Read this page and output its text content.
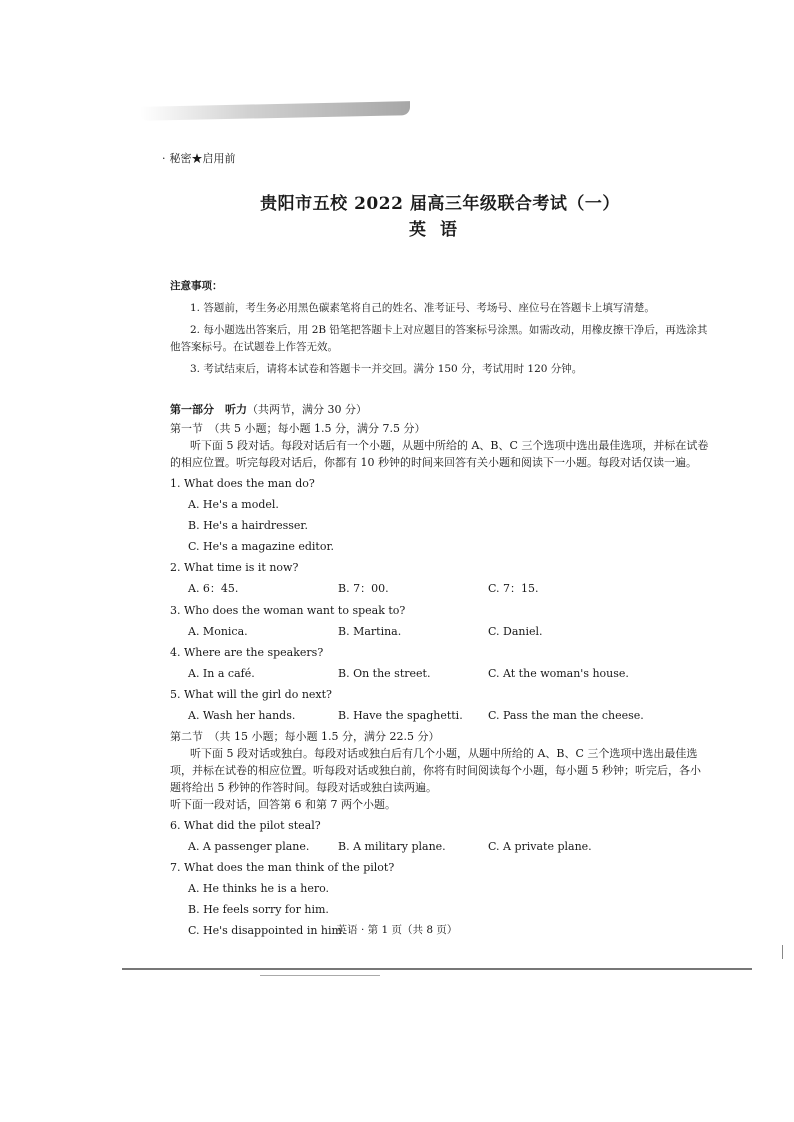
· 秘密★启用前
贵阳市五校 2022 届高三年级联合考试（一）
英语
注意事项：
1. 答题前，考生务必用黑色碳素笔将自己的姓名、准考证号、考场号、座位号在答题卡上填写清楚。
2. 每小题选出答案后，用 2B 铅笔把答题卡上对应题目的答案标号涂黑。如需改动，用橡皮擦干净后，再选涂其他答案标号。在试题卷上作答无效。
3. 考试结束后，请将本试卷和答题卡一并交回。满分 150 分，考试用时 120 分钟。
第一部分　听力（共两节，满分 30 分）
第一节　（共 5 小题；每小题 1.5 分，满分 7.5 分）
听下面 5 段对话。每段对话后有一个小题，从题中所给的 A、B、C 三个选项中选出最佳选项，并标在试卷的相应位置。听完每段对话后，你都有 10 秒钟的时间来回答有关小题和阅读下一小题。每段对话仅读一遍。
1. What does the man do?
A. He's a model.
B. He's a hairdresser.
C. He's a magazine editor.
2. What time is it now?
A. 6：45.	B. 7：00.	C. 7：15.
3. Who does the woman want to speak to?
A. Monica.	B. Martina.	C. Daniel.
4. Where are the speakers?
A. In a café.	B. On the street.	C. At the woman's house.
5. What will the girl do next?
A. Wash her hands.	B. Have the spaghetti.	C. Pass the man the cheese.
第二节　（共 15 小题；每小题 1.5 分，满分 22.5 分）
听下面 5 段对话或独白。每段对话或独白后有几个小题，从题中所给的 A、B、C 三个选项中选出最佳选项，并标在试卷的相应位置。听每段对话或独白前，你将有时间阅读每个小题，每小题 5 秒钟；听完后，各小题将给出 5 秒钟的作答时间。每段对话或独白读两遍。
听下面一段对话，回答第 6 和第 7 两个小题。
6. What did the pilot steal?
A. A passenger plane.	B. A military plane.	C. A private plane.
7. What does the man think of the pilot?
A. He thinks he is a hero.
B. He feels sorry for him.
C. He's disappointed in him.
英语 · 第 1 页（共 8 页）
